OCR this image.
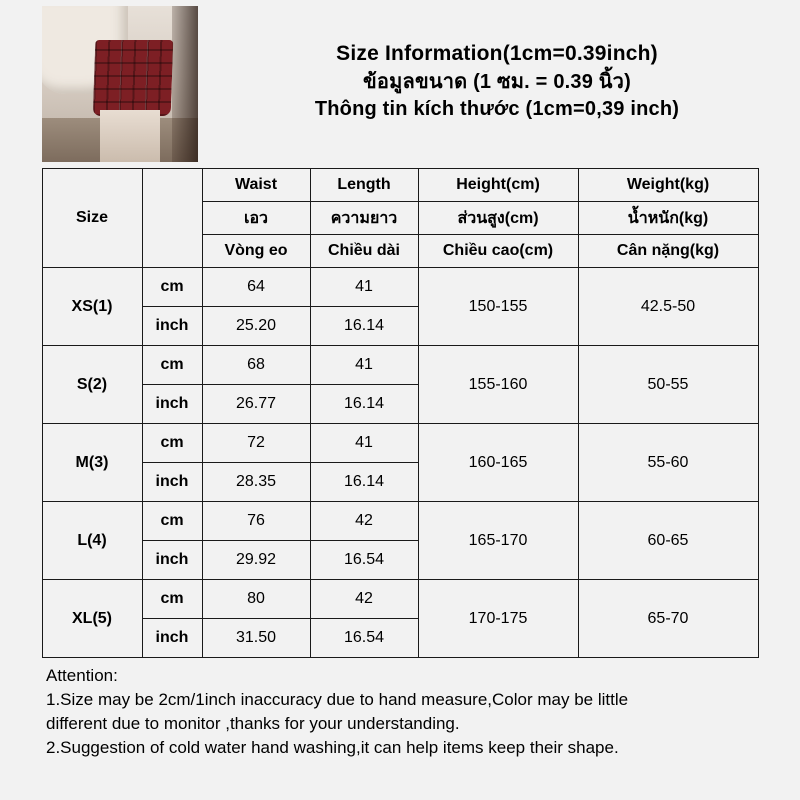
Size Information(1cm=0.39inch)
ข้อมูลขนาด (1 ซม. = 0.39 นิ้ว)
Thông tin kích thước (1cm=0,39 inch)
Size		Waist	Length	Height(cm)	Weight(kg)
		เอว	ความยาว	ส่วนสูง(cm)	น้ำหนัก(kg)
		Vòng eo	Chiều dài	Chiều cao(cm)	Cân nặng(kg)
XS(1)	cm	64	41	150-155	42.5-50
	inch	25.20	16.14		
S(2)	cm	68	41	155-160	50-55
	inch	26.77	16.14		
M(3)	cm	72	41	160-165	55-60
	inch	28.35	16.14		
L(4)	cm	76	42	165-170	60-65
	inch	29.92	16.54		
XL(5)	cm	80	42	170-175	65-70
	inch	31.50	16.54		
Attention:
1.Size may be 2cm/1inch inaccuracy due to hand measure,Color may be little
different due to monitor ,thanks for your understanding.
2.Suggestion of cold water hand washing,it can help items keep their shape.
